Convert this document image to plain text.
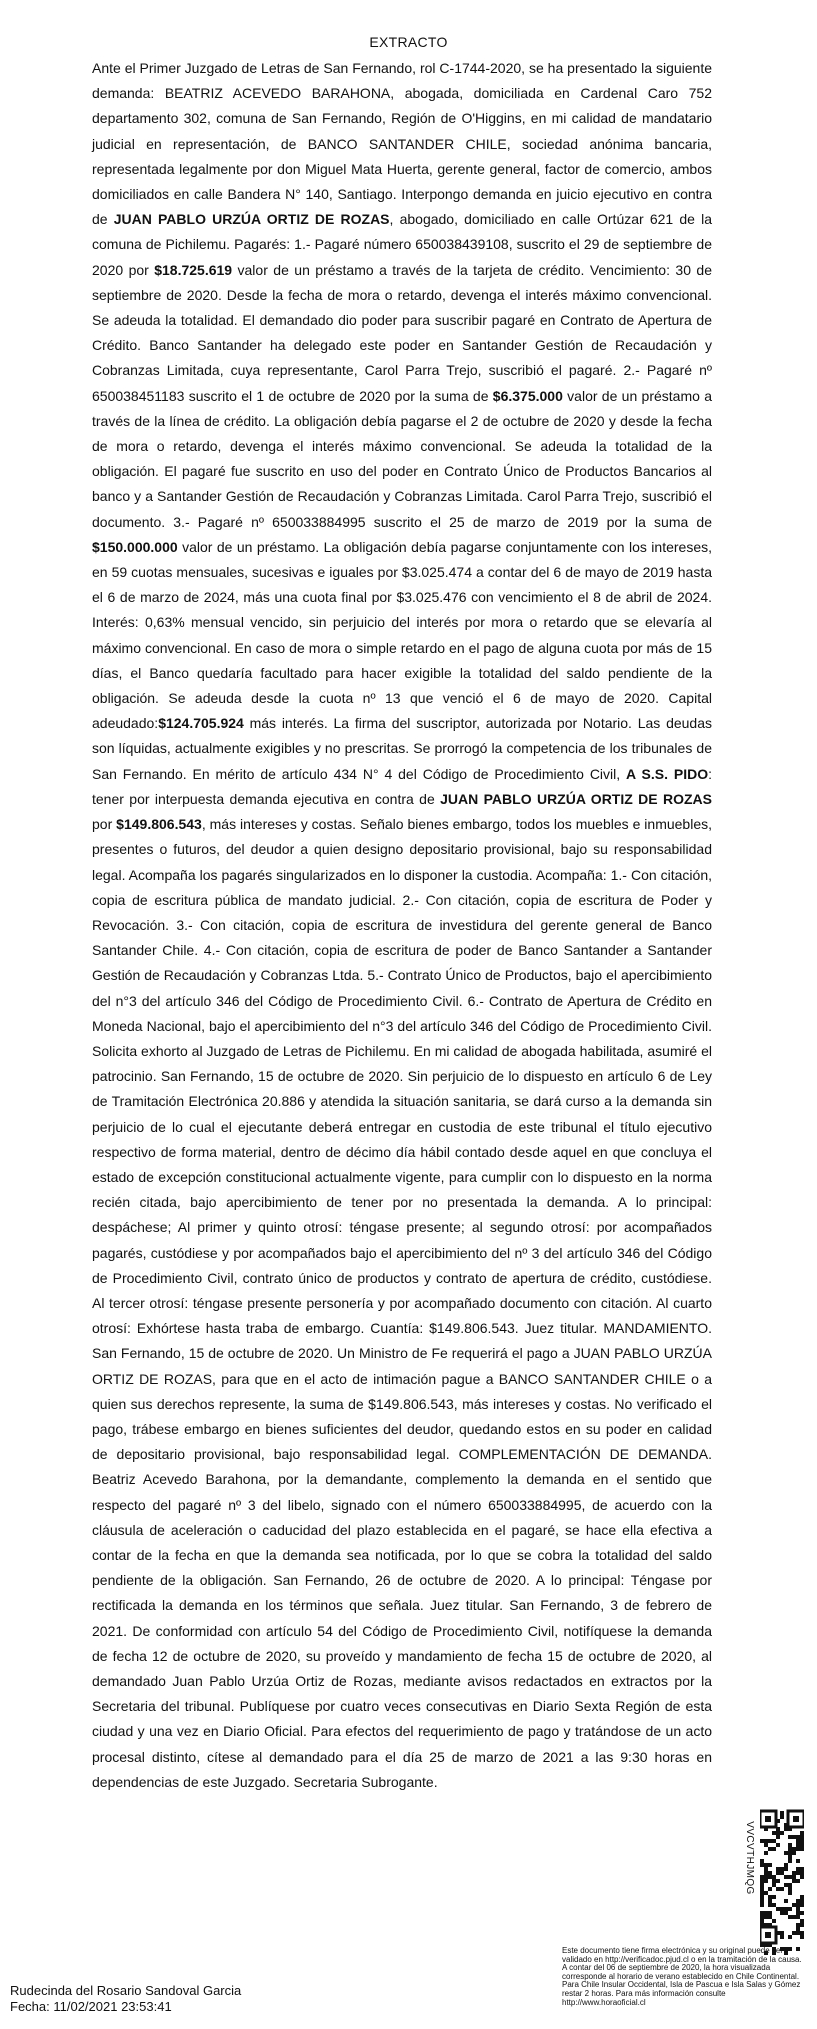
EXTRACTO
Ante el Primer Juzgado de Letras de San Fernando, rol C-1744-2020, se ha presentado la siguiente demanda: BEATRIZ ACEVEDO BARAHONA, abogada, domiciliada en Cardenal Caro 752 departamento 302, comuna de San Fernando, Región de O'Higgins, en mi calidad de mandatario judicial en representación, de BANCO SANTANDER CHILE, sociedad anónima bancaria, representada legalmente por don Miguel Mata Huerta, gerente general, factor de comercio, ambos domiciliados en calle Bandera N° 140, Santiago. Interpongo demanda en juicio ejecutivo en contra de JUAN PABLO URZÚA ORTIZ DE ROZAS, abogado, domiciliado en calle Ortúzar 621 de la comuna de Pichilemu. Pagarés: 1.- Pagaré número 650038439108, suscrito el 29 de septiembre de 2020 por $18.725.619 valor de un préstamo a través de la tarjeta de crédito. Vencimiento: 30 de septiembre de 2020. Desde la fecha de mora o retardo, devenga el interés máximo convencional. Se adeuda la totalidad. El demandado dio poder para suscribir pagaré en Contrato de Apertura de Crédito. Banco Santander ha delegado este poder en Santander Gestión de Recaudación y Cobranzas Limitada, cuya representante, Carol Parra Trejo, suscribió el pagaré. 2.- Pagaré nº 650038451183 suscrito el 1 de octubre de 2020 por la suma de $6.375.000 valor de un préstamo a través de la línea de crédito. La obligación debía pagarse el 2 de octubre de 2020 y desde la fecha de mora o retardo, devenga el interés máximo convencional. Se adeuda la totalidad de la obligación. El pagaré fue suscrito en uso del poder en Contrato Único de Productos Bancarios al banco y a Santander Gestión de Recaudación y Cobranzas Limitada. Carol Parra Trejo, suscribió el documento. 3.- Pagaré nº 650033884995 suscrito el 25 de marzo de 2019 por la suma de $150.000.000 valor de un préstamo. La obligación debía pagarse conjuntamente con los intereses, en 59 cuotas mensuales, sucesivas e iguales por $3.025.474 a contar del 6 de mayo de 2019 hasta el 6 de marzo de 2024, más una cuota final por $3.025.476 con vencimiento el 8 de abril de 2024. Interés: 0,63% mensual vencido, sin perjuicio del interés por mora o retardo que se elevaría al máximo convencional. En caso de mora o simple retardo en el pago de alguna cuota por más de 15 días, el Banco quedaría facultado para hacer exigible la totalidad del saldo pendiente de la obligación. Se adeuda desde la cuota nº 13 que venció el 6 de mayo de 2020. Capital adeudado:$124.705.924 más interés. La firma del suscriptor, autorizada por Notario. Las deudas son líquidas, actualmente exigibles y no prescritas. Se prorrogó la competencia de los tribunales de San Fernando. En mérito de artículo 434 N° 4 del Código de Procedimiento Civil, A S.S. PIDO: tener por interpuesta demanda ejecutiva en contra de JUAN PABLO URZÚA ORTIZ DE ROZAS por $149.806.543, más intereses y costas. Señalo bienes embargo, todos los muebles e inmuebles, presentes o futuros, del deudor a quien designo depositario provisional, bajo su responsabilidad legal. Acompaña los pagarés singularizados en lo disponer la custodia. Acompaña: 1.- Con citación, copia de escritura pública de mandato judicial. 2.- Con citación, copia de escritura de Poder y Revocación. 3.- Con citación, copia de escritura de investidura del gerente general de Banco Santander Chile. 4.- Con citación, copia de escritura de poder de Banco Santander a Santander Gestión de Recaudación y Cobranzas Ltda. 5.- Contrato Único de Productos, bajo el apercibimiento del n°3 del artículo 346 del Código de Procedimiento Civil. 6.- Contrato de Apertura de Crédito en Moneda Nacional, bajo el apercibimiento del n°3 del artículo 346 del Código de Procedimiento Civil. Solicita exhorto al Juzgado de Letras de Pichilemu. En mi calidad de abogada habilitada, asumiré el patrocinio. San Fernando, 15 de octubre de 2020. Sin perjuicio de lo dispuesto en artículo 6 de Ley de Tramitación Electrónica 20.886 y atendida la situación sanitaria, se dará curso a la demanda sin perjuicio de lo cual el ejecutante deberá entregar en custodia de este tribunal el título ejecutivo respectivo de forma material, dentro de décimo día hábil contado desde aquel en que concluya el estado de excepción constitucional actualmente vigente, para cumplir con lo dispuesto en la norma recién citada, bajo apercibimiento de tener por no presentada la demanda. A lo principal: despáchese; Al primer y quinto otrosí: téngase presente; al segundo otrosí: por acompañados pagarés, custódiese y por acompañados bajo el apercibimiento del nº 3 del artículo 346 del Código de Procedimiento Civil, contrato único de productos y contrato de apertura de crédito, custódiese. Al tercer otrosí: téngase presente personería y por acompañado documento con citación. Al cuarto otrosí: Exhórtese hasta traba de embargo. Cuantía: $149.806.543. Juez titular. MANDAMIENTO. San Fernando, 15 de octubre de 2020. Un Ministro de Fe requerirá el pago a JUAN PABLO URZÚA ORTIZ DE ROZAS, para que en el acto de intimación pague a BANCO SANTANDER CHILE o a quien sus derechos represente, la suma de $149.806.543, más intereses y costas. No verificado el pago, trábese embargo en bienes suficientes del deudor, quedando estos en su poder en calidad de depositario provisional, bajo responsabilidad legal. COMPLEMENTACIÓN DE DEMANDA. Beatriz Acevedo Barahona, por la demandante, complemento la demanda en el sentido que respecto del pagaré nº 3 del libelo, signado con el número 650033884995, de acuerdo con la cláusula de aceleración o caducidad del plazo establecida en el pagaré, se hace ella efectiva a contar de la fecha en que la demanda sea notificada, por lo que se cobra la totalidad del saldo pendiente de la obligación. San Fernando, 26 de octubre de 2020. A lo principal: Téngase por rectificada la demanda en los términos que señala. Juez titular. San Fernando, 3 de febrero de 2021. De conformidad con artículo 54 del Código de Procedimiento Civil, notifíquese la demanda de fecha 12 de octubre de 2020, su proveído y mandamiento de fecha 15 de octubre de 2020, al demandado Juan Pablo Urzúa Ortiz de Rozas, mediante avisos redactados en extractos por la Secretaria del tribunal. Publíquese por cuatro veces consecutivas en Diario Sexta Región de esta ciudad y una vez en Diario Oficial. Para efectos del requerimiento de pago y tratándose de un acto procesal distinto, cítese al demandado para el día 25 de marzo de 2021 a las 9:30 horas en dependencias de este Juzgado. Secretaria Subrogante.
VVCVTHJMQG

Este documento tiene firma electrónica y su original puede ser validado en http://verificadoc.pjud.cl o en la tramitación de la causa.

A contar del 06 de septiembre de 2020, la hora visualizada corresponde al horario de verano establecido en Chile Continental. Para Chile Insular Occidental, Isla de Pascua e Isla Salas y Gómez restar 2 horas. Para más información consulte http://www.horaoficial.cl

Rudecinda del Rosario Sandoval Garcia
Fecha: 11/02/2021 23:53:41
